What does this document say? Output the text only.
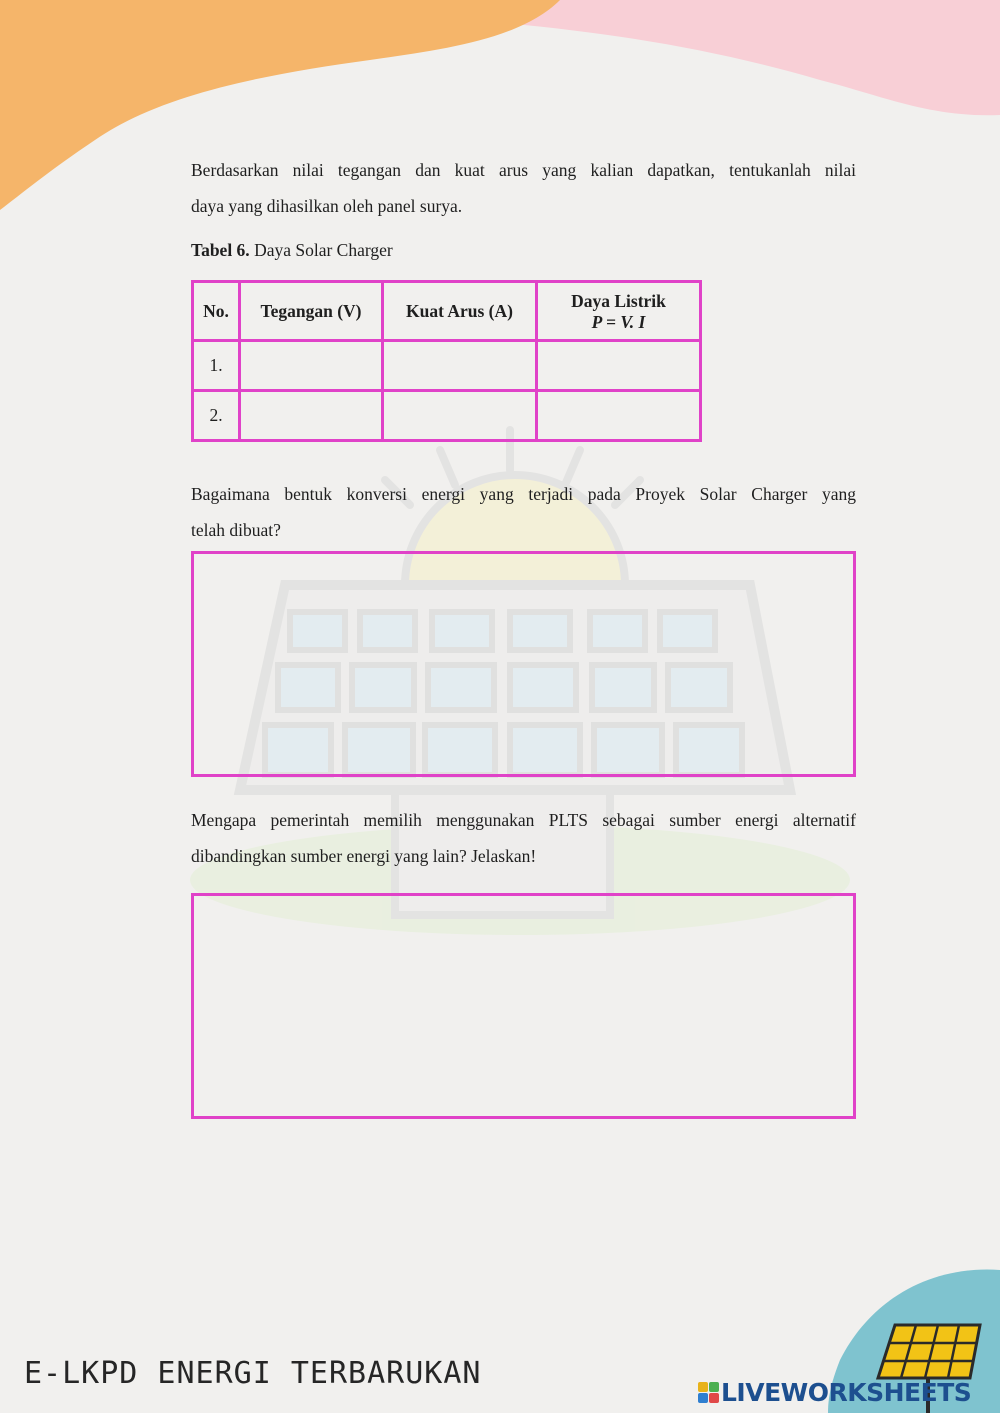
Berdasarkan nilai tegangan dan kuat arus yang kalian dapatkan, tentukanlah nilai
daya yang dihasilkan oleh panel surya.

Tabel 6. Daya Solar Charger
No.	Tegangan (V)	Kuat Arus (A)	Daya Listrik
P = V. I

1.			
2.			

Bagaimana bentuk konversi energi yang terjadi pada Proyek Solar Charger yang
telah dibuat?

Mengapa pemerintah memilih menggunakan PLTS sebagai sumber energi alternatif
dibandingkan sumber energi yang lain? Jelaskan!

E-LKPD ENERGI TERBARUKAN
LIVEWORKSHEETS
